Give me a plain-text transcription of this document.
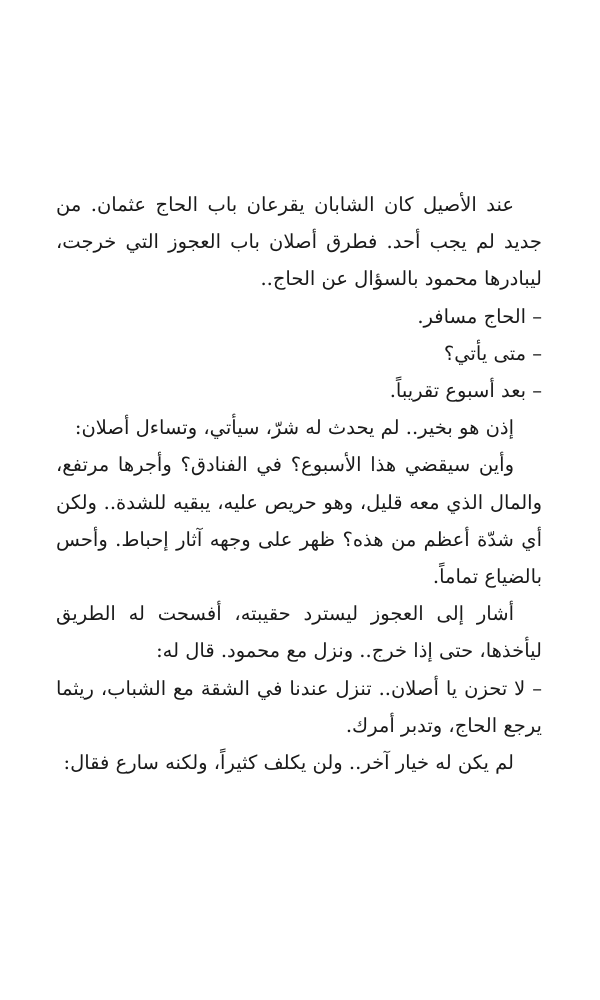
عند الأصيل كان الشابان يقرعان باب الحاج عثمان. من جديد لم يجب أحد. فطرق أصلان باب العجوز التي خرجت، ليبادرها محمود بالسؤال عن الحاج..

– الحاج مسافر.

– متى يأتي؟

– بعد أسبوع تقريباً.

إذن هو بخير.. لم يحدث له شرّ، سيأتي، وتساءل أصلان:

وأين سيقضي هذا الأسبوع؟ في الفنادق؟ وأجرها مرتفع، والمال الذي معه قليل، وهو حريص عليه، يبقيه للشدة.. ولكن أي شدّة أعظم من هذه؟ ظهر على وجهه آثار إحباط. وأحس بالضياع تماماً.

أشار إلى العجوز ليسترد حقيبته، أفسحت له الطريق ليأخذها، حتى إذا خرج.. ونزل مع محمود. قال له:

– لا تحزن يا أصلان.. تنزل عندنا في الشقة مع الشباب، ريثما يرجع الحاج، وتدبر أمرك.

لم يكن له خيار آخر.. ولن يكلف كثيراً، ولكنه سارع فقال:
